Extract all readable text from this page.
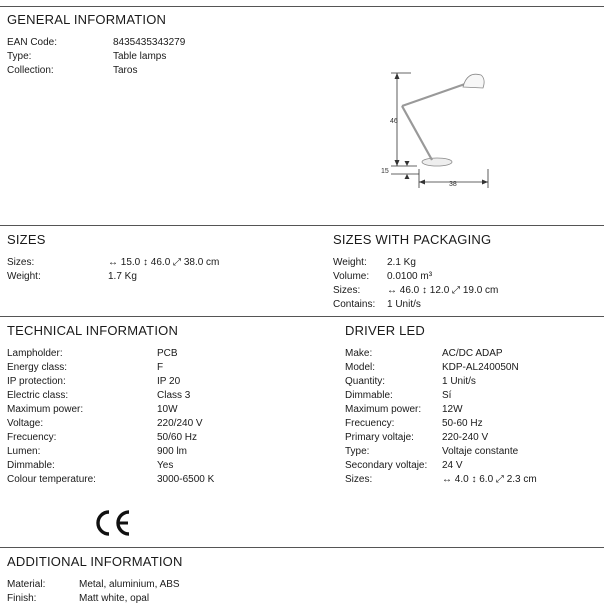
GENERAL INFORMATION
EAN Code:	8435435343279
Type:	Table lamps
Collection:	Taros
46
15
38
SIZES
Sizes:	↔ 15.0 ↕ 46.0 ⤢ 38.0 cm
Weight:	1.7 Kg
SIZES WITH PACKAGING
Weight: 2.1 Kg
Volume: 0.0100 m³
Sizes:	↔ 46.0 ↕ 12.0 ⤢ 19.0 cm
Contains: 1 Unit/s
TECHNICAL INFORMATION
Lampholder:	PCB
Energy class:	F
IP protection:	IP 20
Electric class:	Class 3
Maximum power:	10W
Voltage:	220/240 V
Frecuency:	50/60 Hz
Lumen:	900 lm
Dimmable:	Yes
Colour temperature:	3000-6500 K
DRIVER LED
Make:	AC/DC ADAP
Model:	KDP-AL240050N
Quantity:	1 Unit/s
Dimmable:	Sí
Maximum power: 12W
Frecuency:	50-60 Hz
Primary voltaje:	220-240 V
Type:	Voltaje constante
Secondary voltaje: 24 V
Sizes:	↔ 4.0 ↕ 6.0 ⤢ 2.3 cm
ADDITIONAL INFORMATION
Material:	Metal, aluminium, ABS
Finish:	Matt white, opal
